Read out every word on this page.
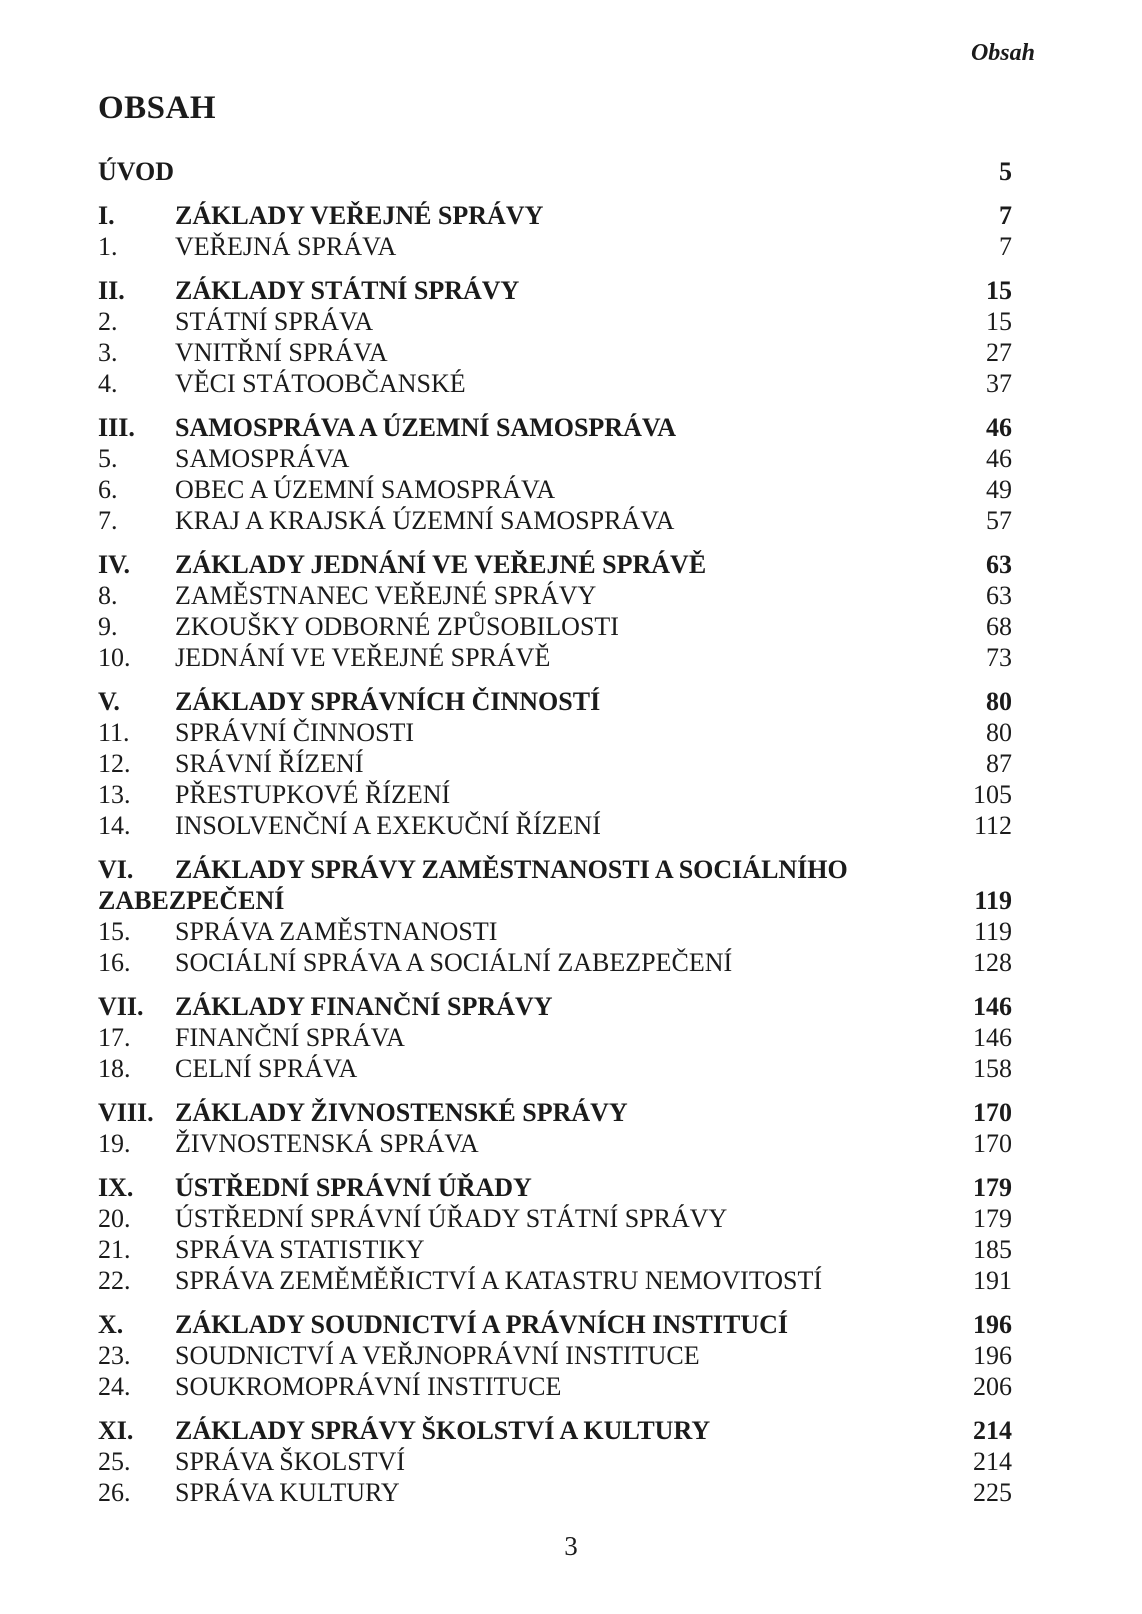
Obsah
OBSAH
ÚVOD	5
I.	ZÁKLADY VEŘEJNÉ SPRÁVY	7
1.	VEŘEJNÁ SPRÁVA	7
II.	ZÁKLADY STÁTNÍ SPRÁVY	15
2.	STÁTNÍ SPRÁVA	15
3.	VNITŘNÍ SPRÁVA	27
4.	VĚCI STÁTOOBČANSKÉ	37
III.	SAMOSPRÁVA A ÚZEMNÍ SAMOSPRÁVA	46
5.	SAMOSPRÁVA	46
6.	OBEC A ÚZEMNÍ SAMOSPRÁVA	49
7.	KRAJ A KRAJSKÁ ÚZEMNÍ SAMOSPRÁVA	57
IV.	ZÁKLADY JEDNÁNÍ VE VEŘEJNÉ SPRÁVĚ	63
8.	ZAMĚSTNANEC VEŘEJNÉ SPRÁVY	63
9.	ZKOUŠKY ODBORNÉ ZPŮSOBILOSTI	68
10.	JEDNÁNÍ VE VEŘEJNÉ SPRÁVĚ	73
V.	ZÁKLADY SPRÁVNÍCH ČINNOSTÍ	80
11.	SPRÁVNÍ ČINNOSTI	80
12.	SRÁVNÍ ŘÍZENÍ	87
13.	PŘESTUPKOVÉ ŘÍZENÍ	105
14.	INSOLVENČNÍ A EXEKUČNÍ ŘÍZENÍ	112
VI.	ZÁKLADY SPRÁVY ZAMĚSTNANOSTI A SOCIÁLNÍHO
ZABEZPEČENÍ	119
15.	SPRÁVA ZAMĚSTNANOSTI	119
16.	SOCIÁLNÍ SPRÁVA A SOCIÁLNÍ ZABEZPEČENÍ	128
VII.	ZÁKLADY FINANČNÍ SPRÁVY	146
17.	FINANČNÍ SPRÁVA	146
18.	CELNÍ SPRÁVA	158
VIII. ZÁKLADY ŽIVNOSTENSKÉ SPRÁVY	170
19.	ŽIVNOSTENSKÁ SPRÁVA	170
IX.	ÚSTŘEDNÍ SPRÁVNÍ ÚŘADY	179
20.	ÚSTŘEDNÍ SPRÁVNÍ ÚŘADY STÁTNÍ SPRÁVY	179
21.	SPRÁVA STATISTIKY	185
22.	SPRÁVA ZEMĚMĚŘICTVÍ A KATASTRU NEMOVITOSTÍ	191
X.	ZÁKLADY SOUDNICTVÍ A PRÁVNÍCH INSTITUCÍ	196
23.	SOUDNICTVÍ A VEŘJNOPRÁVNÍ INSTITUCE	196
24.	SOUKROMOPRÁVNÍ INSTITUCE	206
XI.	ZÁKLADY SPRÁVY ŠKOLSTVÍ A KULTURY	214
25.	SPRÁVA ŠKOLSTVÍ	214
26.	SPRÁVA KULTURY	225
3
